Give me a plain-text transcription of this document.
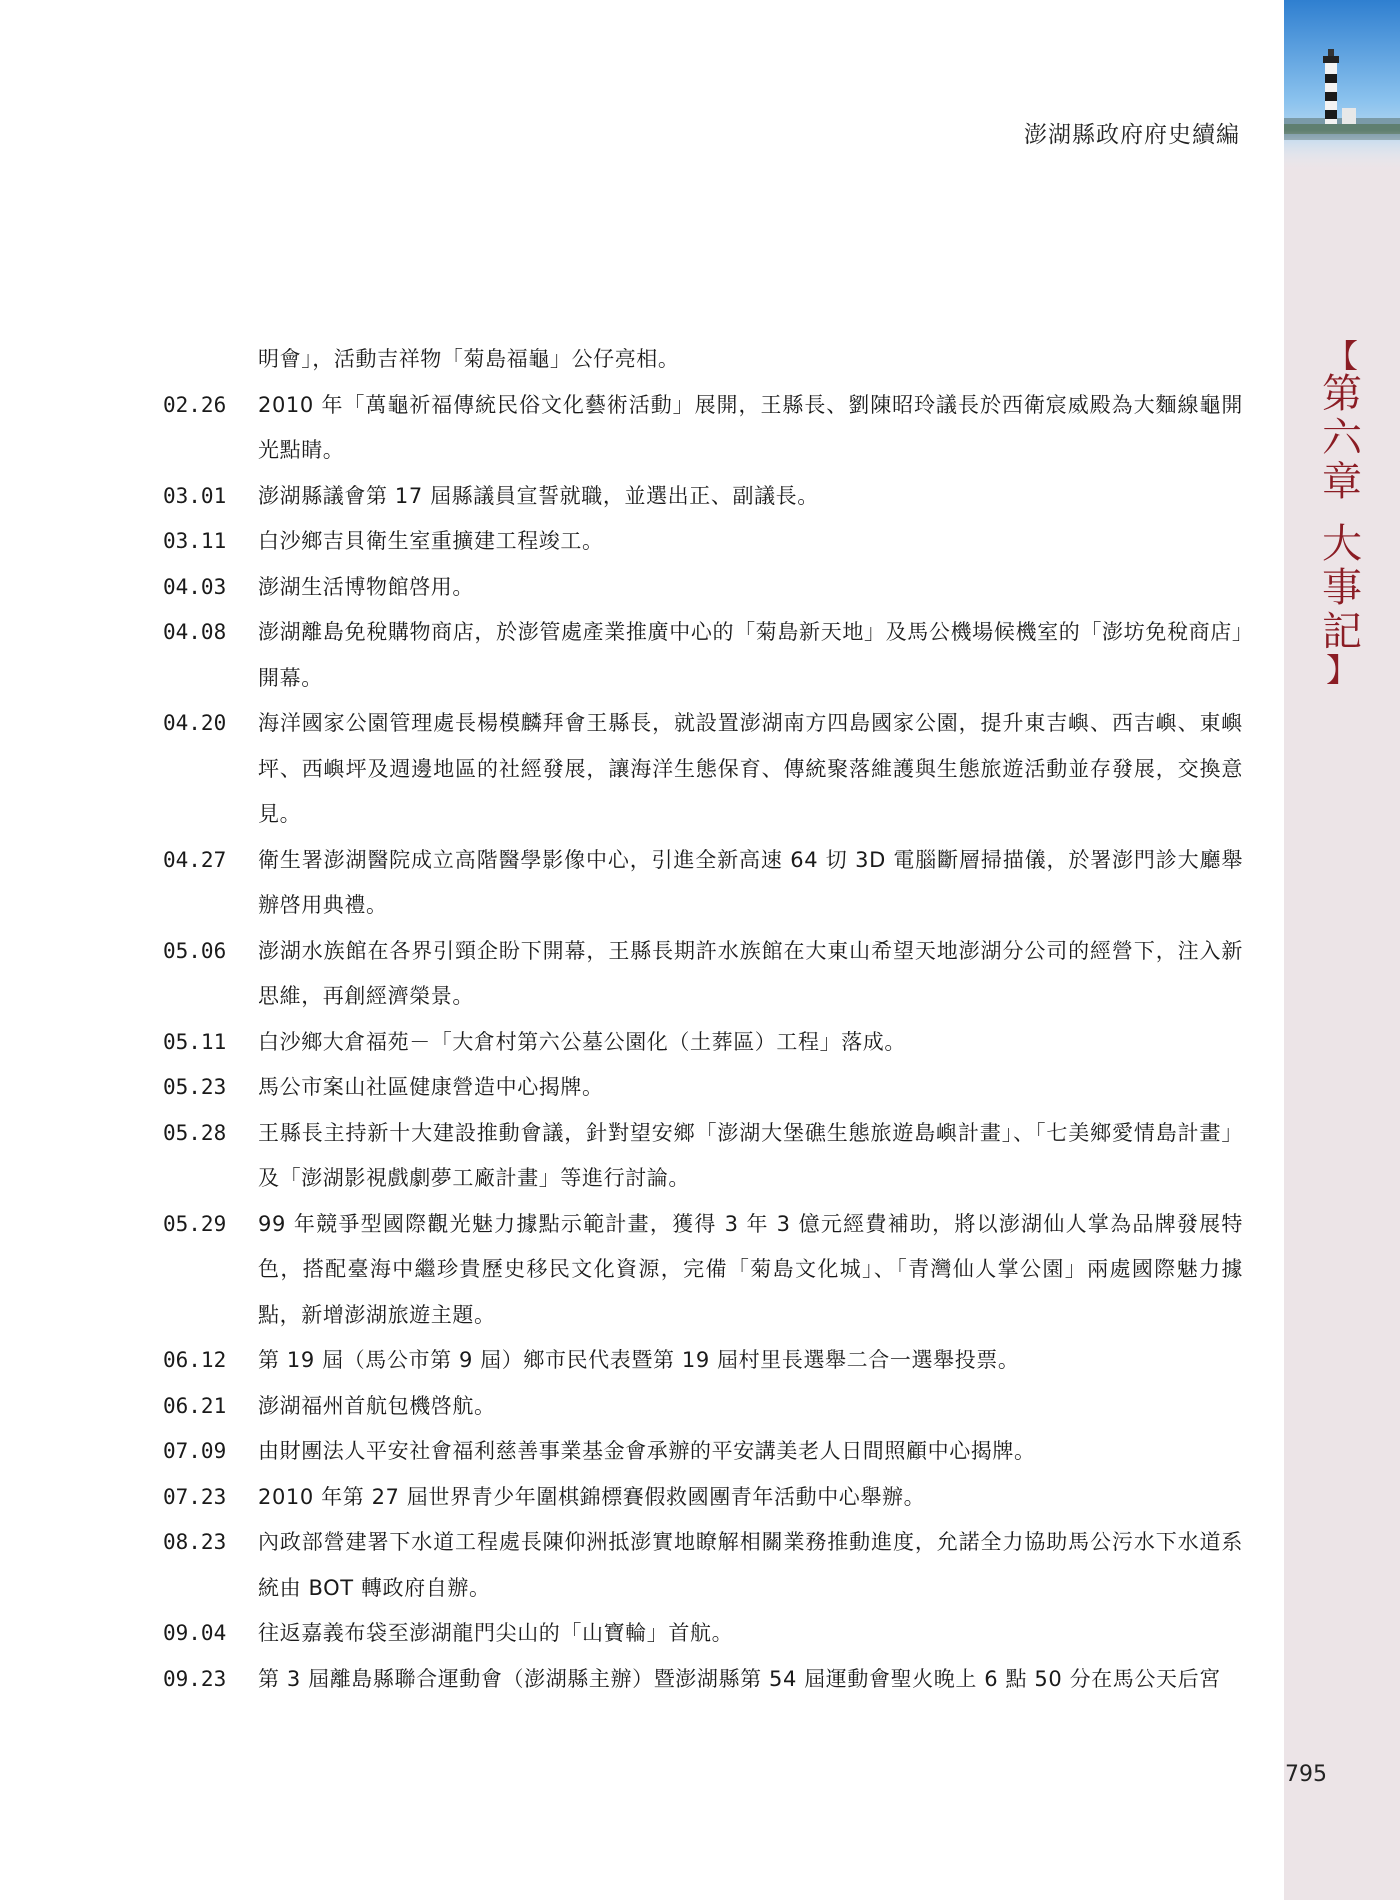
澎湖縣政府府史續編
【
第
六
章
大
事
記
】
明會」，活動吉祥物「菊島福龜」公仔亮相。
02.26	2010 年「萬龜祈福傳統民俗文化藝術活動」展開，王縣長、劉陳昭玲議長於西衛宸威殿為大麵線龜開光點睛。
03.01	澎湖縣議會第 17 屆縣議員宣誓就職，並選出正、副議長。
03.11	白沙鄉吉貝衛生室重擴建工程竣工。
04.03	澎湖生活博物館啓用。
04.08	澎湖離島免稅購物商店，於澎管處產業推廣中心的「菊島新天地」及馬公機場候機室的「澎坊免稅商店」開幕。
04.20	海洋國家公園管理處長楊模麟拜會王縣長，就設置澎湖南方四島國家公園，提升東吉嶼、西吉嶼、東嶼坪、西嶼坪及週邊地區的社經發展，讓海洋生態保育、傳統聚落維護與生態旅遊活動並存發展，交換意見。
04.27	衛生署澎湖醫院成立高階醫學影像中心，引進全新高速 64 切 3D 電腦斷層掃描儀，於署澎門診大廳舉辦啓用典禮。
05.06	澎湖水族館在各界引頸企盼下開幕，王縣長期許水族館在大東山希望天地澎湖分公司的經營下，注入新思維，再創經濟榮景。
05.11	白沙鄉大倉福苑－「大倉村第六公墓公園化（土葬區）工程」落成。
05.23	馬公市案山社區健康營造中心揭牌。
05.28	王縣長主持新十大建設推動會議，針對望安鄉「澎湖大堡礁生態旅遊島嶼計畫」、「七美鄉愛情島計畫」及「澎湖影視戲劇夢工廠計畫」等進行討論。
05.29	99 年競爭型國際觀光魅力據點示範計畫，獲得 3 年 3 億元經費補助，將以澎湖仙人掌為品牌發展特色，搭配臺海中繼珍貴歷史移民文化資源，完備「菊島文化城」、「青灣仙人掌公園」兩處國際魅力據點，新增澎湖旅遊主題。
06.12	第 19 屆（馬公市第 9 屆）鄉市民代表暨第 19 屆村里長選舉二合一選舉投票。
06.21	澎湖福州首航包機啓航。
07.09	由財團法人平安社會福利慈善事業基金會承辦的平安講美老人日間照顧中心揭牌。
07.23	2010 年第 27 屆世界青少年圍棋錦標賽假救國團青年活動中心舉辦。
08.23	內政部營建署下水道工程處長陳仰洲抵澎實地瞭解相關業務推動進度，允諾全力協助馬公污水下水道系統由 BOT 轉政府自辦。
09.04	往返嘉義布袋至澎湖龍門尖山的「山寶輪」首航。
09.23	第 3 屆離島縣聯合運動會（澎湖縣主辦）暨澎湖縣第 54 屆運動會聖火晚上 6 點 50 分在馬公天后宮
795
